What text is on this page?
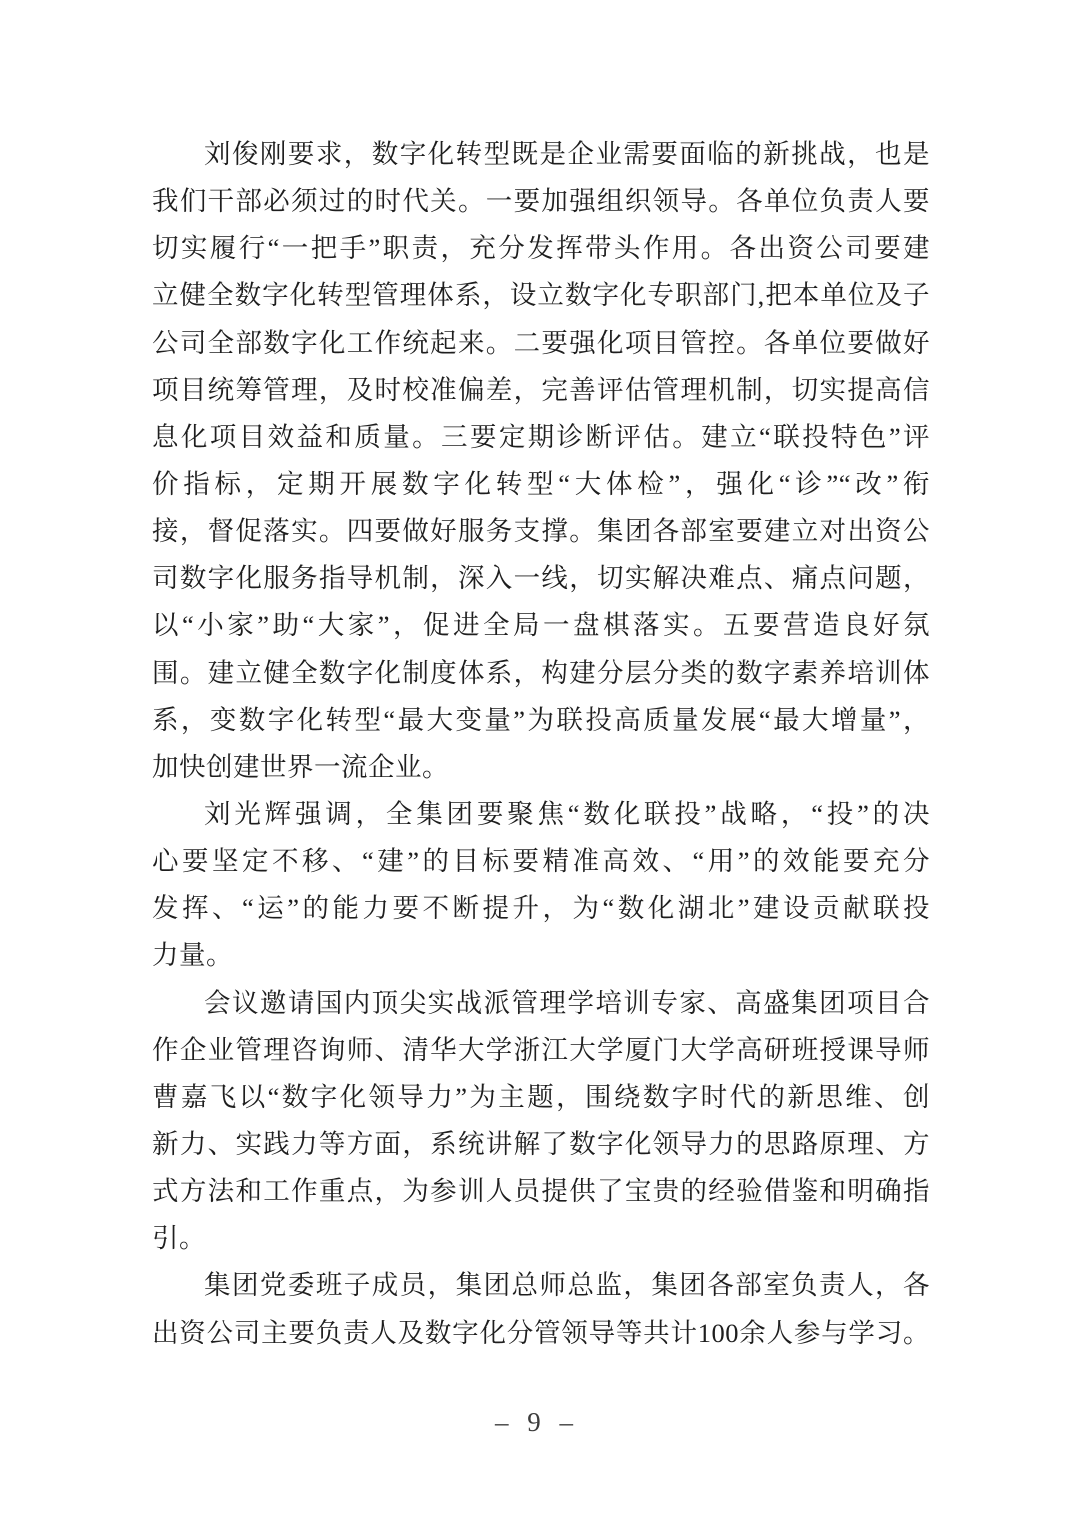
刘俊刚要求，数字化转型既是企业需要面临的新挑战，也是
我们干部必须过的时代关。一要加强组织领导。各单位负责人要
切实履行“一把手”职责，充分发挥带头作用。各出资公司要建
立健全数字化转型管理体系，设立数字化专职部门,把本单位及子
公司全部数字化工作统起来。二要强化项目管控。各单位要做好
项目统筹管理，及时校准偏差，完善评估管理机制，切实提高信
息化项目效益和质量。三要定期诊断评估。建立“联投特色”评
价指标，定期开展数字化转型“大体检”，强化“诊”“改”衔
接，督促落实。四要做好服务支撑。集团各部室要建立对出资公
司数字化服务指导机制，深入一线，切实解决难点、痛点问题，
以“小家”助“大家”，促进全局一盘棋落实。五要营造良好氛
围。建立健全数字化制度体系，构建分层分类的数字素养培训体
系，变数字化转型“最大变量”为联投高质量发展“最大增量”，
加快创建世界一流企业。
刘光辉强调，全集团要聚焦“数化联投”战略，“投”的决
心要坚定不移、“建”的目标要精准高效、“用”的效能要充分
发挥、“运”的能力要不断提升，为“数化湖北”建设贡献联投
力量。
会议邀请国内顶尖实战派管理学培训专家、高盛集团项目合
作企业管理咨询师、清华大学浙江大学厦门大学高研班授课导师
曹嘉飞以“数字化领导力”为主题，围绕数字时代的新思维、创
新力、实践力等方面，系统讲解了数字化领导力的思路原理、方
式方法和工作重点，为参训人员提供了宝贵的经验借鉴和明确指
引。
集团党委班子成员，集团总师总监，集团各部室负责人，各
出资公司主要负责人及数字化分管领导等共计100余人参与学习。
– 9 –
